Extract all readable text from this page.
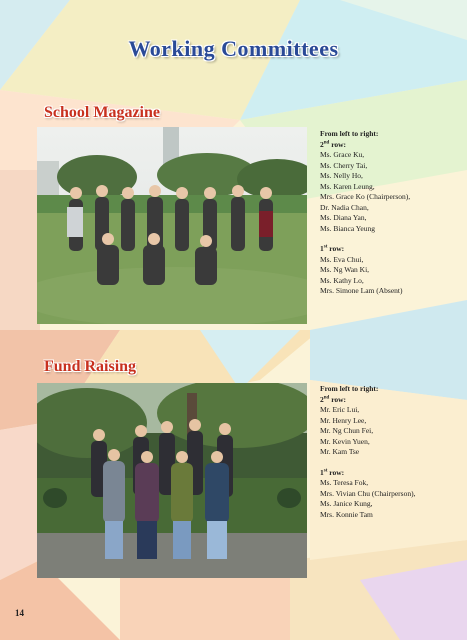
Working Committees
School Magazine
From left to right:
2nd row:
Ms. Grace Ku,
Ms. Cherry Tai,
Ms. Nelly Ho,
Ms. Karen Leung,
Mrs. Grace Ko (Chairperson),
Dr. Nadia Chan,
Ms. Diana Yan,
Ms. Bianca Yeung
1st row:
Ms. Eva Chui,
Ms. Ng Wan Ki,
Ms. Kathy Lo,
Mrs. Simone Lam (Absent)
Fund Raising
From left to right:
2nd row:
Mr. Eric Lui,
Mr. Henry Lee,
Mr. Ng Chun Fei,
Mr. Kevin Yuen,
Mr. Kam Tse
1st row:
Ms. Teresa Fok,
Mrs. Vivian Chu (Chairperson),
Ms. Janice Kung,
Mrs. Konnie Tam
14
